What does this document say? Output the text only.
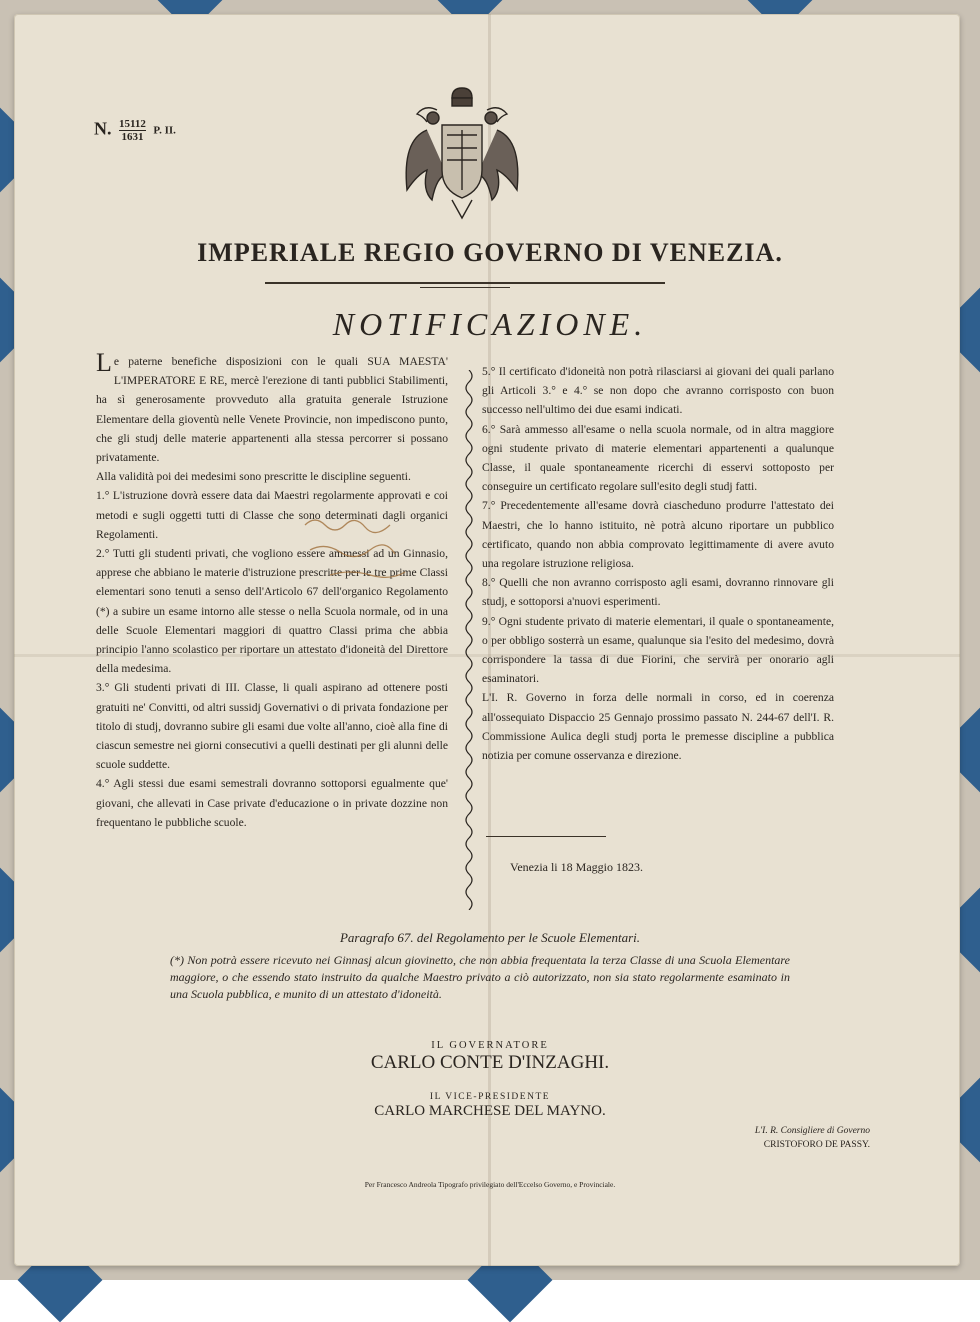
N. $\frac{15112}{1631} P$. II.
IMPERIALE REGIO GOVERNO DI VENEZIA.
NOTIFICAZIONE.

Le paterne benefiche disposizioni con le quali SUA MAESTA' L'IMPERATORE E RE, mercè l'erezione di tanti pubblici Stabilimenti, ha sì generosamente provveduto alla gratuita generale Istruzione Elementare della gioventù nelle Venete Provincie, non impediscono punto, che gli studj delle materie appartenenti alla stessa percorrer si possano privatamente.

Alla validità poi dei medesimi sono prescritte le discipline seguenti.

1.° L'istruzione dovrà essere data dai Maestri regolarmente approvati e coi metodi e sugli oggetti tutti di Classe che sono determinati dagli organici Regolamenti.

2.° Tutti gli studenti privati, che vogliono essere ammessi ad un Ginnasio, apprese che abbiano le materie d'istruzione prescritte per le tre prime Classi elementari sono tenuti a senso dell'Articolo 67 dell'organico Regolamento (*) a subire un esame intorno alle stesse o nella Scuola normale, od in una delle Scuole Elementari maggiori di quattro Classi prima che abbia principio l'anno scolastico per riportare un attestato d'idoneità del Direttore della medesima.

3.° Gli studenti privati di III. Classe, li quali aspirano ad ottenere posti gratuiti ne' Convitti, od altri sussidj Governativi o di privata fondazione per titolo di studj, dovranno subire gli esami due volte all'anno, cioè alla fine di ciascun semestre nei giorni consecutivi a quelli destinati per gli alunni delle scuole suddette.

4.° Agli stessi due esami semestrali dovranno sottoporsi egualmente que' giovani, che allevati in Case private d'educazione o in private dozzine non frequentano le pubbliche scuole.

5.° Il certificato d'idoneità non potrà rilasciarsi ai giovani dei quali parlano gli Articoli 3.° e 4.° se non dopo che avranno corrisposto con buon successo nell'ultimo dei due esami indicati.

6.° Sarà ammesso all'esame o nella scuola normale, od in altra maggiore ogni studente privato di materie elementari appartenenti a qualunque Classe, il quale spontaneamente ricerchi di esservi sottoposto per conseguire un certificato regolare sull'esito degli studj fatti.

7.° Precedentemente all'esame dovrà ciascheduno produrre l'attestato dei Maestri, che lo hanno istituito, nè potrà alcuno riportare un pubblico certificato, quando non abbia comprovato legittimamente di avere avuto una regolare istruzione religiosa.

8.° Quelli che non avranno corrisposto agli esami, dovranno rinnovare gli studj, e sottoporsi a'nuovi esperimenti.

9.° Ogni studente privato di materie elementari, il quale o spontaneamente, o per obbligo sosterrà un esame, qualunque sia l'esito del medesimo, dovrà corrispondere la tassa di due Fiorini, che servirà per onorario agli esaminatori.

L'I. R. Governo in forza delle normali in corso, ed in coerenza all'ossequiato Dispaccio 25 Gennajo prossimo passato N. 244-67 dell'I. R. Commissione Aulica degli studj porta le premesse discipline a pubblica notizia per comune osservanza e direzione.

Venezia li 18 Maggio 1823.
Paragrafo 67. del Regolamento per le Scuole Elementari.
(*) Non potrà essere ricevuto nei Ginnasj alcun giovinetto, che non abbia frequentata la terza Classe di una Scuola Elementare maggiore, o che essendo stato instruito da qualche Maestro privato a ciò autorizzato, non sia stato regolarmente esaminato in una Scuola pubblica, e munito di un attestato d'idoneità.
IL GOVERNATORE
CARLO CONTE D'INZAGHI.
IL VICE-PRESIDENTE
CARLO MARCHESE DEL MAYNO.
L'I. R. Consigliere di Governo
CRISTOFORO DE PASSY.
Per Francesco Andreola Tipografo privilegiato dell'Eccelso Governo, e Provinciale.
